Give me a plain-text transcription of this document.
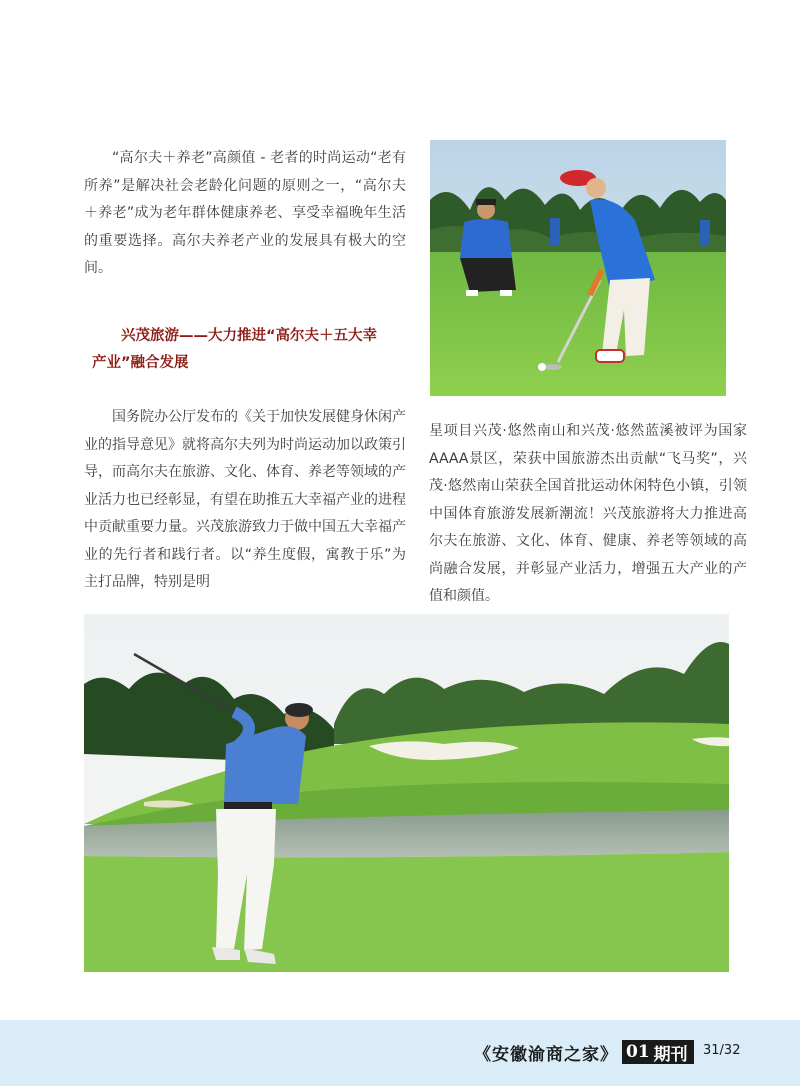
“高尔夫＋养老”高颜值 - 老者的时尚运动“老有所养”是解决社会老龄化问题的原则之一，“高尔夫＋养老”成为老年群体健康养老、享受幸福晚年生活的重要选择。高尔夫养老产业的发展具有极大的空间。

兴茂旅游——大力推进“高尔夫＋五大幸产业”融合发展

国务院办公厅发布的《关于加快发展健身休闲产业的指导意见》就将高尔夫列为时尚运动加以政策引导，而高尔夫在旅游、文化、体育、养老等领域的产业活力也已经彰显，有望在助推五大幸福产业的进程中贡献重要力量。兴茂旅游致力于做中国五大幸福产业的先行者和践行者。以“养生度假，寓教于乐”为主打品牌，特别是明

星项目兴茂·悠然南山和兴茂·悠然蓝溪被评为国家AAAA景区，荣获中国旅游杰出贡献“飞马奖”，兴茂·悠然南山荣获全国首批运动休闲特色小镇，引领中国体育旅游发展新潮流！兴茂旅游将大力推进高尔夫在旅游、文化、体育、健康、养老等领域的高尚融合发展，并彰显产业活力，增强五大产业的产值和颜值。

《安徽渝商之家》 01 期刊 31/32
